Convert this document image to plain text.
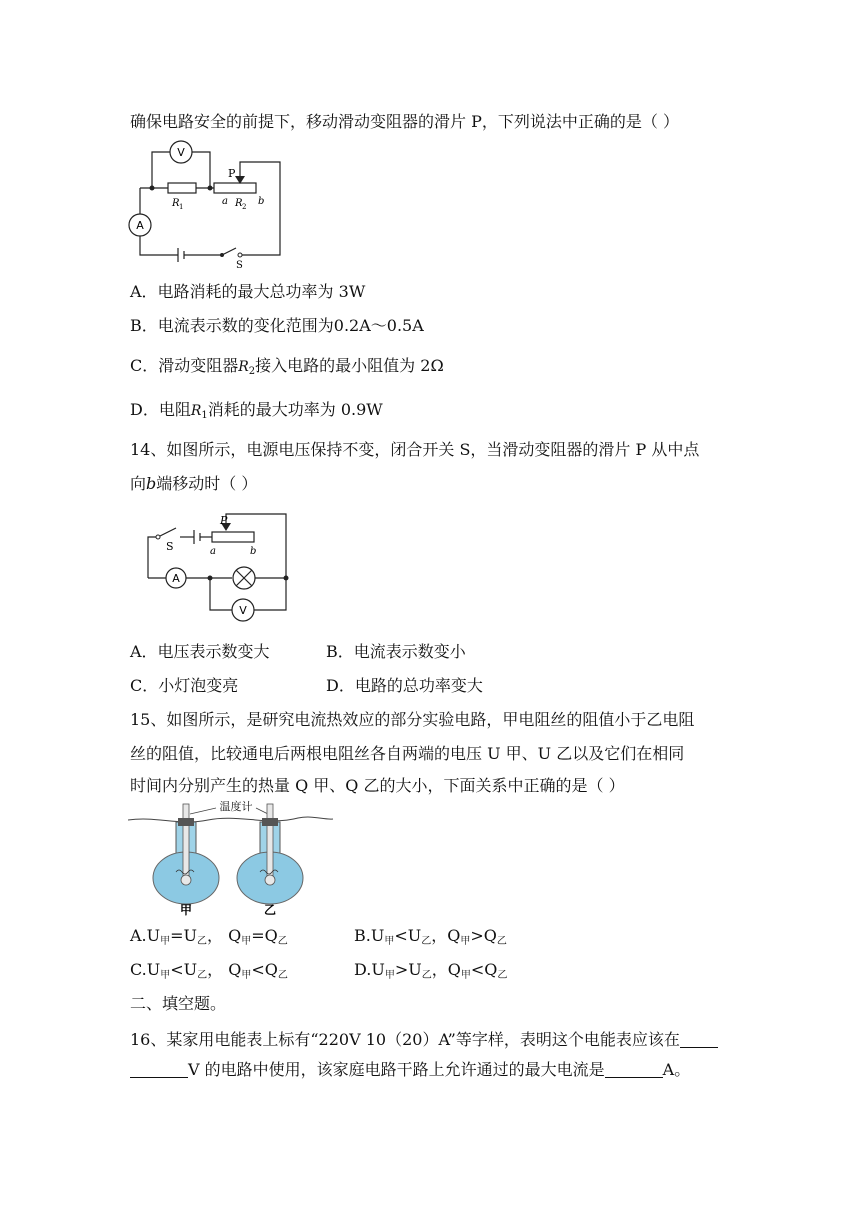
确保电路安全的前提下，移动滑动变阻器的滑片 P，下列说法中正确的是（ ）
V
A
P
R 1	a R 2 b
S
A．电路消耗的最大总功率为 3W
B．电流表示数的变化范围为0.2A～0.5A
C．滑动变阻器$R_2$接入电路的最小阻值为 2Ω
D．电阻$R_1$消耗的最大功率为 0.9W
14、如图所示，电源电压保持不变，闭合开关 S，当滑动变阻器的滑片 P 从中点
向b端移动时（ ）
P
S	a	b
A
V
A．电压表示数变大	B．电流表示数变小
C．小灯泡变亮	D．电路的总功率变大
15、如图所示，是研究电流热效应的部分实验电路，甲电阻丝的阻值小于乙电阻
丝的阻值，比较通电后两根电阻丝各自两端的电压 U 甲、U 乙以及它们在相同
时间内分别产生的热量 Q 甲、Q 乙的大小，下面关系中正确的是（ ）
温度计
甲	乙
$A.U_甲=U_乙$， $Q_甲=Q_乙$	$B.U_甲<U_乙$，$Q_甲>Q_乙$
$C.U_甲<U_乙$， $Q_甲<Q_乙$	$D.U_甲>U_乙$，$Q_甲<Q_乙$
二、填空题。
16、某家用电能表上标有“220V 10（20）A”等字样，表明这个电能表应该在
V 的电路中使用，该家庭电路干路上允许通过的最大电流是	A。
